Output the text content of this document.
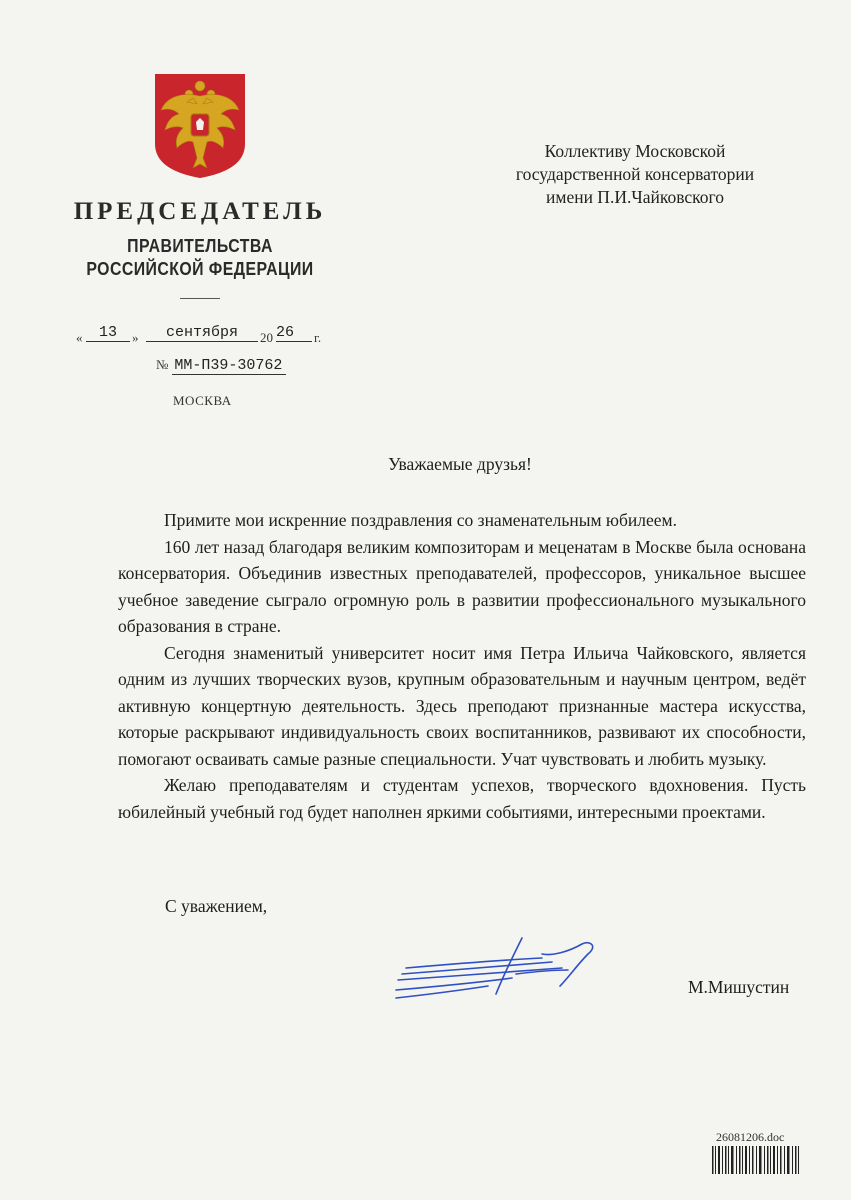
ПРЕДСЕДАТЕЛЬ
ПРАВИТЕЛЬСТВА
РОССИЙСКОЙ ФЕДЕРАЦИИ
«	13	»	сентября	20 26	г.
№ ММ-П39-30762
МОСКВА
Коллективу Московской
государственной консерватории
имени П.И.Чайковского
Уважаемые друзья!

Примите мои искренние поздравления со знаменательным юбилеем.

160 лет назад благодаря великим композиторам и меценатам в Москве была основана консерватория. Объединив известных преподавателей, профессоров, уникальное высшее учебное заведение сыграло огромную роль в развитии профессионального музыкального образования в стране.

Сегодня знаменитый университет носит имя Петра Ильича Чайковского, является одним из лучших творческих вузов, крупным образовательным и научным центром, ведёт активную концертную деятельность. Здесь преподают признанные мастера искусства, которые раскрывают индивидуальность своих воспитанников, развивают их способности, помогают осваивать самые разные специальности. Учат чувствовать и любить музыку.

Желаю преподавателям и студентам успехов, творческого вдохновения. Пусть юбилейный учебный год будет наполнен яркими событиями, интересными проектами.

С уважением,
М.Мишустин
26081206.doc
